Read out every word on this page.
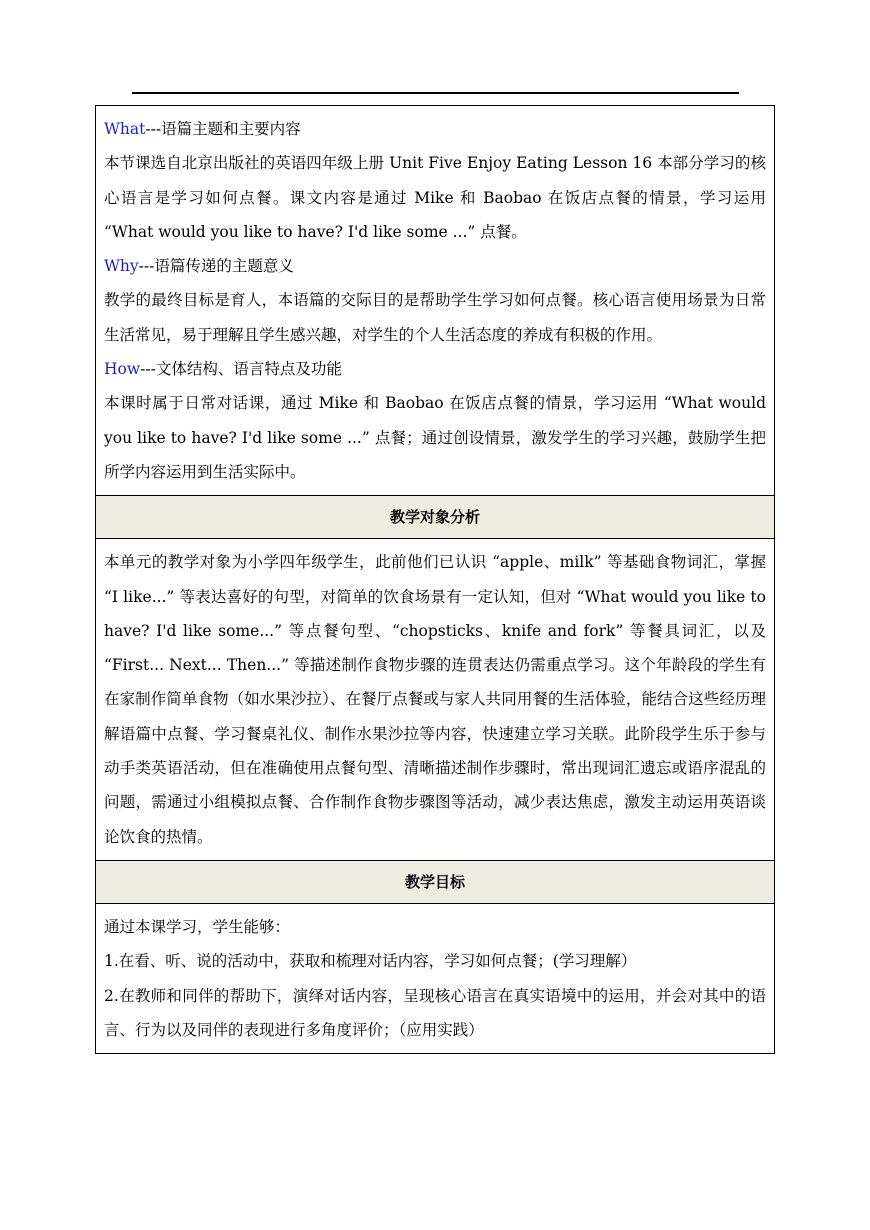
What---语篇主题和主要内容

本节课选自北京出版社的英语四年级上册 Unit Five Enjoy Eating Lesson 16 本部分学习的核心语言是学习如何点餐。课文内容是通过 Mike 和 Baobao 在饭店点餐的情景，学习运用 “What would you like to have? I'd like some ...” 点餐。

Why---语篇传递的主题意义

教学的最终目标是育人，本语篇的交际目的是帮助学生学习如何点餐。核心语言使用场景为日常生活常见，易于理解且学生感兴趣，对学生的个人生活态度的养成有积极的作用。

How---文体结构、语言特点及功能

本课时属于日常对话课，通过 Mike 和 Baobao 在饭店点餐的情景，学习运用 “What would you like to have? I'd like some ...” 点餐；通过创设情景，激发学生的学习兴趣，鼓励学生把所学内容运用到生活实际中。

教学对象分析

本单元的教学对象为小学四年级学生，此前他们已认识 “apple、milk” 等基础食物词汇，掌握 “I like...” 等表达喜好的句型，对简单的饮食场景有一定认知，但对 “What would you like to have? I'd like some...” 等点餐句型、“chopsticks、knife and fork” 等餐具词汇，以及 “First... Next... Then...” 等描述制作食物步骤的连贯表达仍需重点学习。这个年龄段的学生有在家制作简单食物（如水果沙拉）、在餐厅点餐或与家人共同用餐的生活体验，能结合这些经历理解语篇中点餐、学习餐桌礼仪、制作水果沙拉等内容，快速建立学习关联。此阶段学生乐于参与动手类英语活动，但在准确使用点餐句型、清晰描述制作步骤时，常出现词汇遗忘或语序混乱的问题，需通过小组模拟点餐、合作制作食物步骤图等活动，减少表达焦虑，激发主动运用英语谈论饮食的热情。

教学目标

通过本课学习，学生能够：

1.在看、听、说的活动中，获取和梳理对话内容，学习如何点餐；(学习理解）

2.在教师和同伴的帮助下，演绎对话内容，呈现核心语言在真实语境中的运用，并会对其中的语言、行为以及同伴的表现进行多角度评价；（应用实践）
